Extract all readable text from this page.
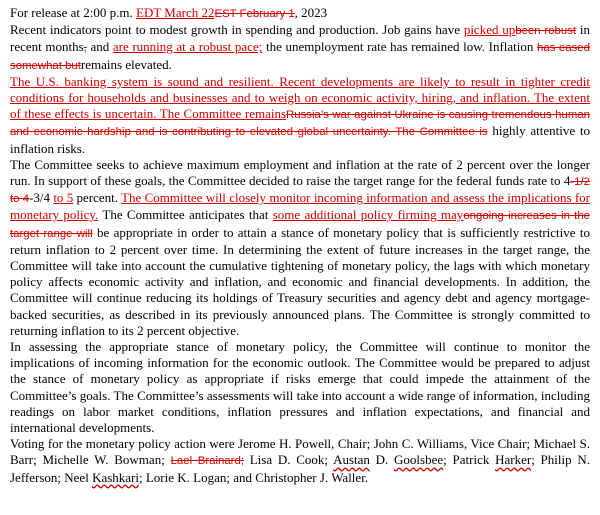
For release at 2:00 p.m. EDT March 22EST February 1, 2023

Recent indicators point to modest growth in spending and production. Job gains have picked upbeen robust in recent months, and are running at a robust pace; the unemployment rate has remained low. Inflation has eased somewhat butremains elevated.

The U.S. banking system is sound and resilient. Recent developments are likely to result in tighter credit conditions for households and businesses and to weigh on economic activity, hiring, and inflation. The extent of these effects is uncertain. The Committee remainsRussia’s war against Ukraine is causing tremendous human and economic hardship and is contributing to elevated global uncertainty. The Committee is highly attentive to inflation risks.

The Committee seeks to achieve maximum employment and inflation at the rate of 2 percent over the longer run. In support of these goals, the Committee decided to raise the target range for the federal funds rate to 4-1/2 to 4-3/4 to 5 percent. The Committee will closely monitor incoming information and assess the implications for monetary policy. The Committee anticipates that some additional policy firming mayongoing increases in the target range will be appropriate in order to attain a stance of monetary policy that is sufficiently restrictive to return inflation to 2 percent over time. In determining the extent of future increases in the target range, the Committee will take into account the cumulative tightening of monetary policy, the lags with which monetary policy affects economic activity and inflation, and economic and financial developments. In addition, the Committee will continue reducing its holdings of Treasury securities and agency debt and agency mortgage-backed securities, as described in its previously announced plans. The Committee is strongly committed to returning inflation to its 2 percent objective.

In assessing the appropriate stance of monetary policy, the Committee will continue to monitor the implications of incoming information for the economic outlook. The Committee would be prepared to adjust the stance of monetary policy as appropriate if risks emerge that could impede the attainment of the Committee’s goals. The Committee’s assessments will take into account a wide range of information, including readings on labor market conditions, inflation pressures and inflation expectations, and financial and international developments.

Voting for the monetary policy action were Jerome H. Powell, Chair; John C. Williams, Vice Chair; Michael S. Barr; Michelle W. Bowman; Lael Brainard; Lisa D. Cook; Austan D. Goolsbee; Patrick Harker; Philip N. Jefferson; Neel Kashkari; Lorie K. Logan; and Christopher J. Waller.
